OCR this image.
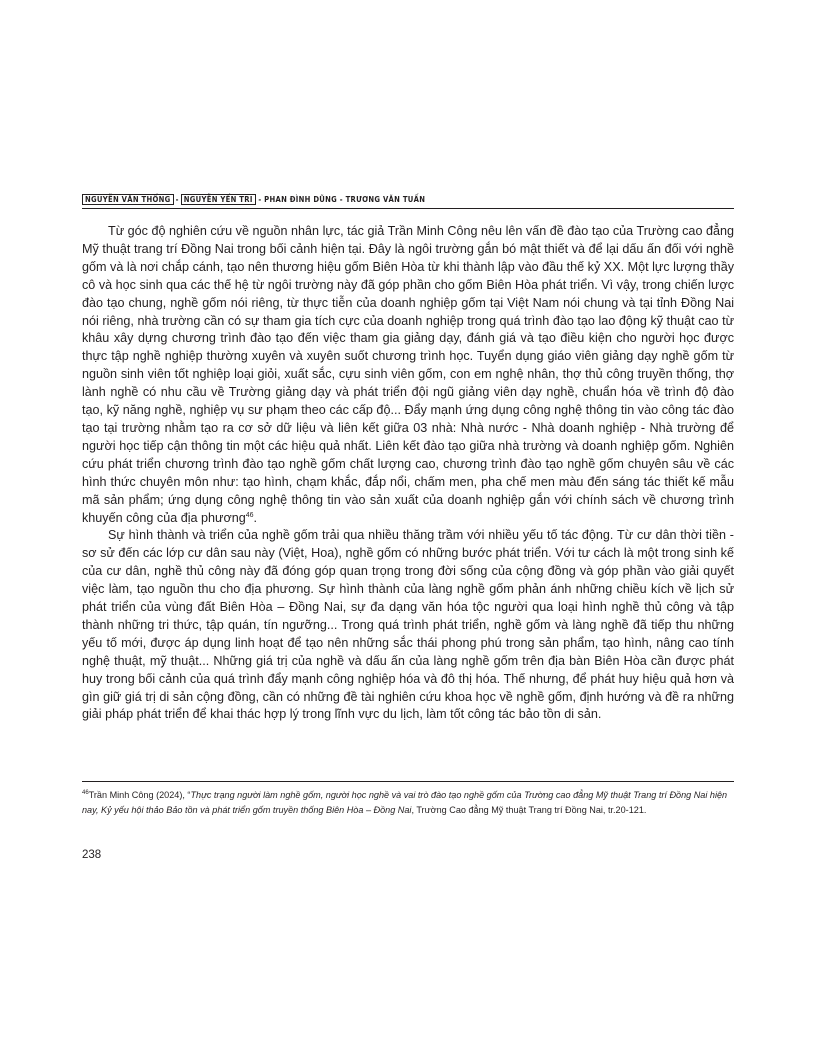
NGUYỄN VĂN THỐNG - NGUYỄN YẾN TRI - PHAN ĐÌNH DŨNG - TRƯƠNG VĂN TUẤN

Từ góc độ nghiên cứu về nguồn nhân lực, tác giả Trần Minh Công nêu lên vấn đề đào tạo của Trường cao đẳng Mỹ thuật trang trí Đồng Nai trong bối cảnh hiện tại. Đây là ngôi trường gắn bó mật thiết và để lại dấu ấn đối với nghề gốm và là nơi chắp cánh, tạo nên thương hiệu gốm Biên Hòa từ khi thành lập vào đầu thế kỷ XX. Một lực lượng thầy cô và học sinh qua các thế hệ từ ngôi trường này đã góp phần cho gốm Biên Hòa phát triển. Vì vậy, trong chiến lược đào tạo chung, nghề gốm nói riêng, từ thực tiễn của doanh nghiệp gốm tại Việt Nam nói chung và tại tỉnh Đồng Nai nói riêng, nhà trường cần có sự tham gia tích cực của doanh nghiệp trong quá trình đào tạo lao động kỹ thuật cao từ khâu xây dựng chương trình đào tạo đến việc tham gia giảng dạy, đánh giá và tạo điều kiện cho người học được thực tập nghề nghiệp thường xuyên và xuyên suốt chương trình học. Tuyển dụng giáo viên giảng dạy nghề gốm từ nguồn sinh viên tốt nghiệp loại giỏi, xuất sắc, cựu sinh viên gốm, con em nghệ nhân, thợ thủ công truyền thống, thợ lành nghề có nhu cầu về Trường giảng dạy và phát triển đội ngũ giảng viên dạy nghề, chuẩn hóa về trình độ đào tạo, kỹ năng nghề, nghiệp vụ sư phạm theo các cấp độ... Đẩy mạnh ứng dụng công nghệ thông tin vào công tác đào tạo tại trường nhằm tạo ra cơ sở dữ liệu và liên kết giữa 03 nhà: Nhà nước - Nhà doanh nghiệp - Nhà trường để người học tiếp cận thông tin một các hiệu quả nhất. Liên kết đào tạo giữa nhà trường và doanh nghiệp gốm. Nghiên cứu phát triển chương trình đào tạo nghề gốm chất lượng cao, chương trình đào tạo nghề gốm chuyên sâu về các hình thức chuyên môn như: tạo hình, chạm khắc, đắp nổi, chấm men, pha chế men màu đến sáng tác thiết kế mẫu mã sản phẩm; ứng dụng công nghệ thông tin vào sản xuất của doanh nghiệp gắn với chính sách về chương trình khuyến công của địa phương$^{46}$.

Sự hình thành và triển của nghề gốm trải qua nhiều thăng trầm với nhiều yếu tố tác động. Từ cư dân thời tiền - sơ sử đến các lớp cư dân sau này (Việt, Hoa), nghề gốm có những bước phát triển. Với tư cách là một trong sinh kế của cư dân, nghề thủ công này đã đóng góp quan trọng trong đời sống của cộng đồng và góp phần vào giải quyết việc làm, tạo nguồn thu cho địa phương. Sự hình thành của làng nghề gốm phản ánh những chiều kích về lịch sử phát triển của vùng đất Biên Hòa – Đồng Nai, sự đa dạng văn hóa tộc người qua loại hình nghề thủ công và tập thành những tri thức, tập quán, tín ngưỡng... Trong quá trình phát triển, nghề gốm và làng nghề đã tiếp thu những yếu tố mới, được áp dụng linh hoạt để tạo nên những sắc thái phong phú trong sản phẩm, tạo hình, nâng cao tính nghệ thuật, mỹ thuật... Những giá trị của nghề và dấu ấn của làng nghề gốm trên địa bàn Biên Hòa cần được phát huy trong bối cảnh của quá trình đẩy mạnh công nghiệp hóa và đô thị hóa. Thế nhưng, để phát huy hiệu quả hơn và gìn giữ giá trị di sản cộng đồng, cần có những đề tài nghiên cứu khoa học về nghề gốm, định hướng và đề ra những giải pháp phát triển để khai thác hợp lý trong lĩnh vực du lịch, làm tốt công tác bảo tồn di sản.

$^{46}$Trần Minh Công (2024), “Thực trạng người làm nghề gốm, người học nghề và vai trò đào tạo nghề gốm của Trường cao đẳng Mỹ thuật Trang trí Đồng Nai hiện nay, Kỷ yếu hội thảo Bảo tồn và phát triển gốm truyền thống Biên Hòa – Đồng Nai, Trường Cao đẳng Mỹ thuật Trang trí Đồng Nai, tr.20-121.
238
